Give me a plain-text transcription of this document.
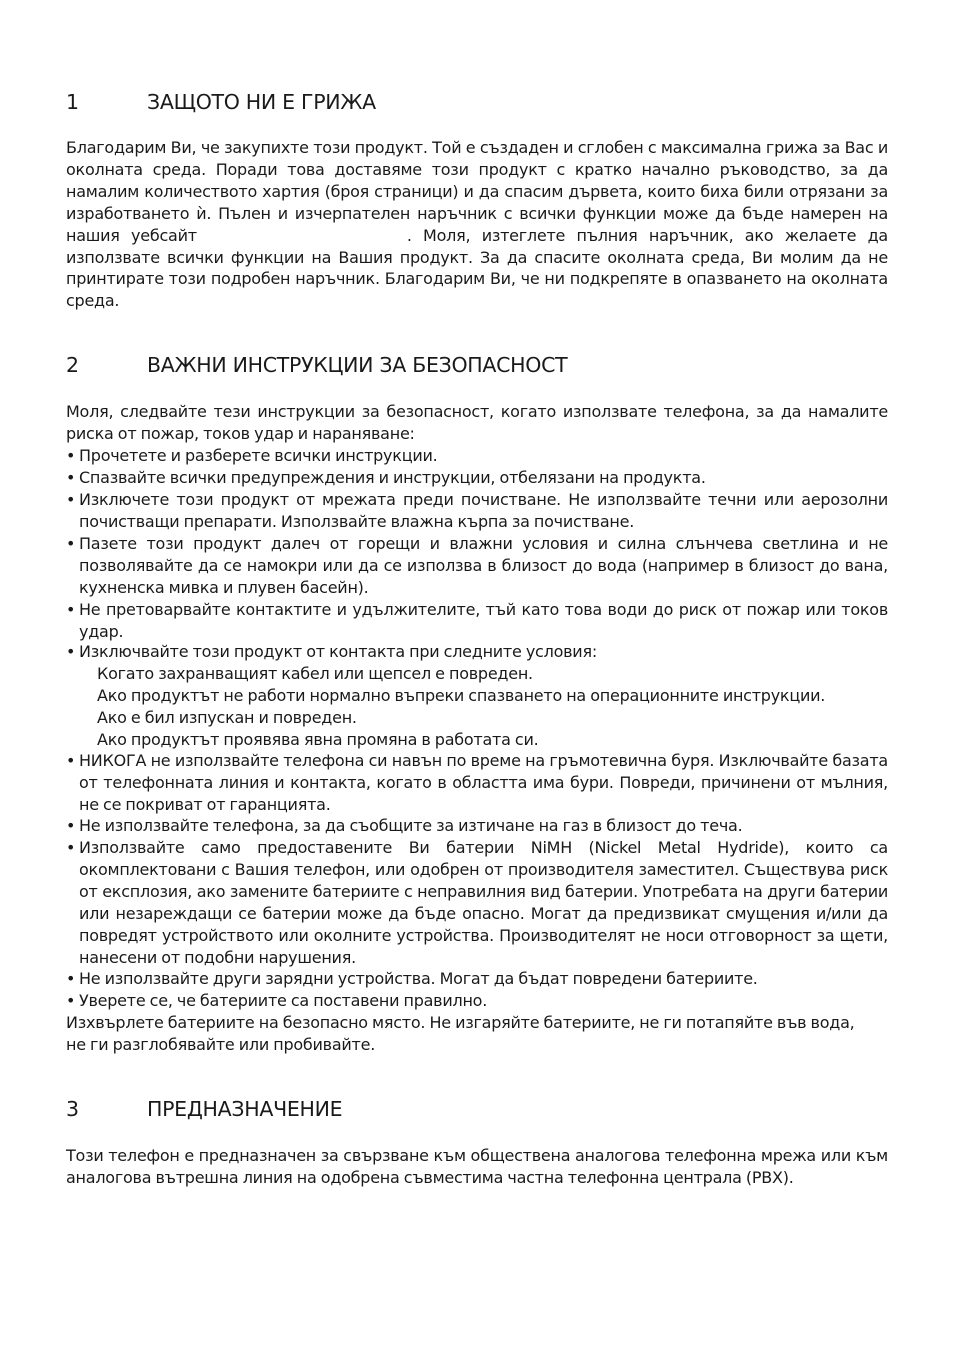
1	ЗАЩОТО НИ Е ГРИЖА

Благодарим Ви, че закупихте този продукт. Той е създаден и сглобен с максимална грижа за Вас и околната среда. Поради това доставяме този продукт с кратко начално ръководство, за да намалим количеството хартия (броя страници) и да спасим дървета, които биха били отрязани за изработването ѝ. Пълен и изчерпателен наръчник с всички функции може да бъде намерен на нашия уебсайт	. Моля, изтеглете пълния наръчник, ако желаете да използвате всички функции на Вашия продукт. За да спасите околната среда, Ви молим да не принтирате този подробен наръчник. Благодарим Ви, че ни подкрепяте в опазването на околната среда.

2	ВАЖНИ ИНСТРУКЦИИ ЗА БЕЗОПАСНОСТ

Моля, следвайте тези инструкции за безопасност, когато използвате телефона, за да намалите риска от пожар, токов удар и нараняване:

• Прочетете и разберете всички инструкции.
• Спазвайте всички предупреждения и инструкции, отбелязани на продукта.
• Изключете този продукт от мрежата преди почистване. Не използвайте течни или аерозолни почистващи препарати. Използвайте влажна кърпа за почистване.
• Пазете този продукт далеч от горещи и влажни условия и силна слънчева светлина и не позволявайте да се намокри или да се използва в близост до вода (например в близост до вана, кухненска мивка и плувен басейн).
• Не претоварвайте контактите и удължителите, тъй като това води до риск от пожар или токов удар.
• Изключвайте този продукт от контакта при следните условия:
Когато захранващият кабел или щепсел е повреден.
Ако продуктът не работи нормално въпреки спазването на операционните инструкции.
Ако е бил изпускан и повреден.
Ако продуктът проявява явна промяна в работата си.
• НИКОГА не използвайте телефона си навън по време на гръмотевична буря. Изключвайте базата от телефонната линия и контакта, когато в областта има бури. Повреди, причинени от мълния, не се покриват от гаранцията.
• Не използвайте телефона, за да съобщите за изтичане на газ в близост до теча.
• Използвайте само предоставените Ви батерии NiMH (Nickel Metal Hydride), които са окомплектовани с Вашия телефон, или одобрен от производителя заместител. Съществува риск от експлозия, ако замените батериите с неправилния вид батерии. Употребата на други батерии или незареждащи се батерии може да бъде опасно. Могат да предизвикат смущения и/или да повредят устройството или околните устройства. Производителят не носи отговорност за щети, нанесени от подобни нарушения.
• Не използвайте други зарядни устройства. Могат да бъдат повредени батериите.
• Уверете се, че батериите са поставени правилно.

Изхвърлете батериите на безопасно място. Не изгаряйте батериите, не ги потапяйте във вода, не ги разглобявайте или пробивайте.

3	ПРЕДНАЗНАЧЕНИЕ

Този телефон е предназначен за свързване към обществена аналогова телефонна мрежа или към аналогова вътрешна линия на одобрена съвместима частна телефонна централа (PBX).
